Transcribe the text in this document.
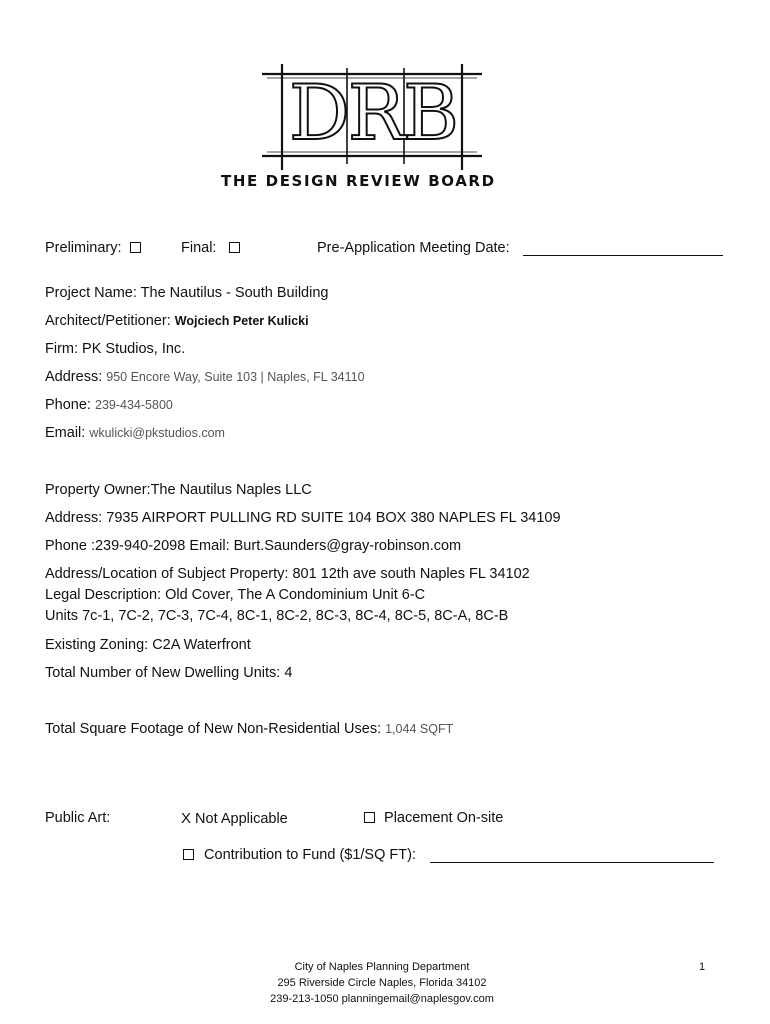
DRB
THE DESIGN REVIEW BOARD
Preliminary:	Final:	Pre-Application Meeting Date:
Project Name: The Nautilus - South Building
Architect/Petitioner: Wojciech Peter Kulicki
Firm: PK Studios, Inc.
Address: 950 Encore Way, Suite 103 | Naples, FL 34110
Phone: 239-434-5800
Email: wkulicki@pkstudios.com
Property Owner:The Nautilus Naples LLC
Address: 7935 AIRPORT PULLING RD SUITE 104 BOX 380 NAPLES FL 34109
Phone :239-940-2098 Email: Burt.Saunders@gray-robinson.com
Address/Location of Subject Property: 801 12th ave south Naples FL 34102
Legal Description: Old Cover, The A Condominium Unit 6-C
Units 7c-1, 7C-2, 7C-3, 7C-4, 8C-1, 8C-2, 8C-3, 8C-4, 8C-5, 8C-A, 8C-B
Existing Zoning: C2A Waterfront
Total Number of New Dwelling Units: 4
Total Square Footage of New Non-Residential Uses: 1,044 SQFT
Public Art:	X Not Applicable	Placement On-site
Contribution to Fund ($1/SQ FT):
City of Naples Planning Department
295 Riverside Circle Naples, Florida 34102
239-213-1050 planningemail@naplesgov.com
1
